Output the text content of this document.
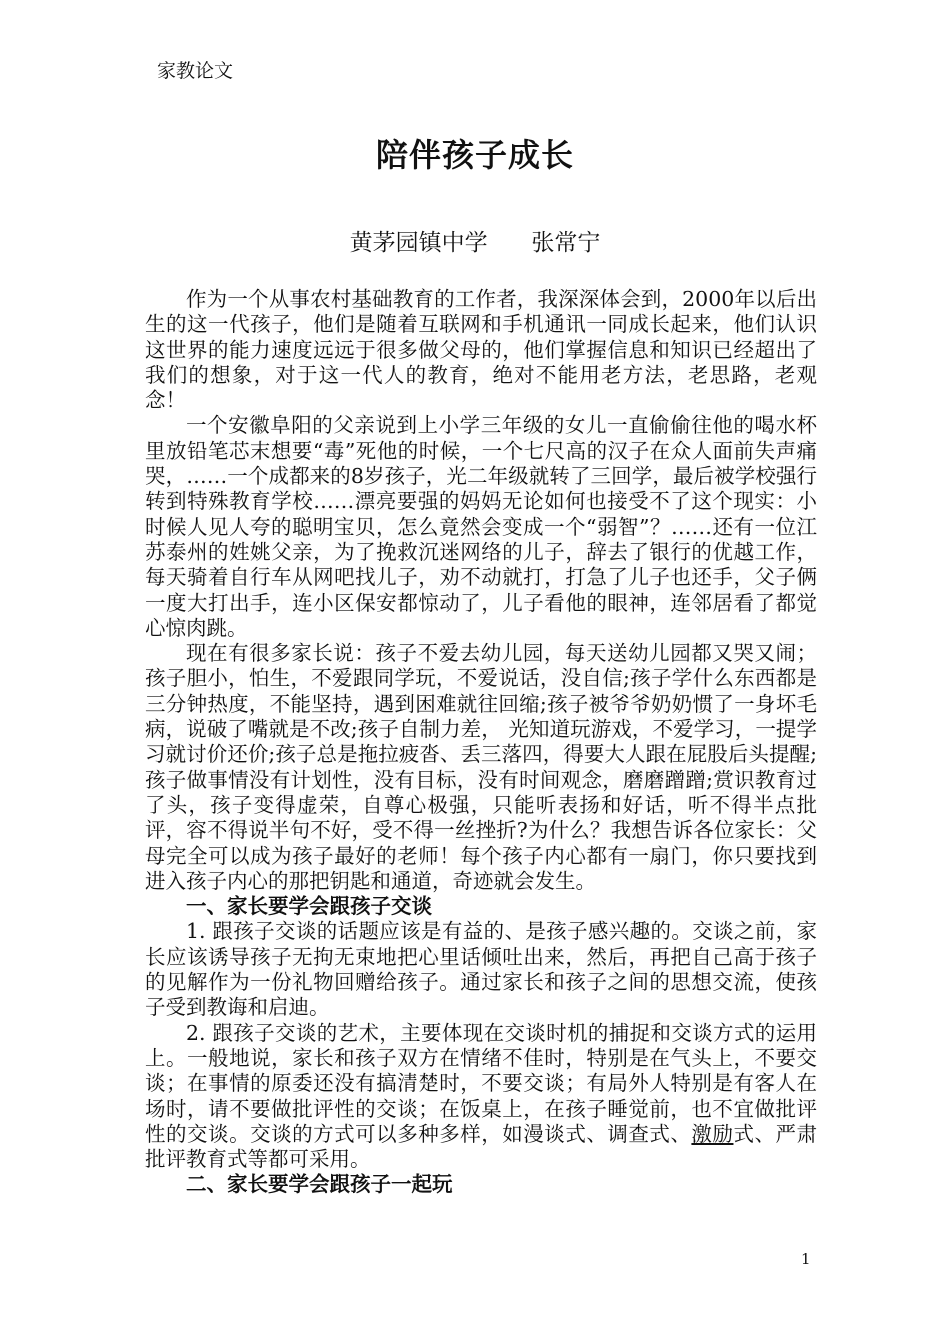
家教论文
陪伴孩子成长
黄茅园镇中学      张常宁

作为一个从事农村基础教育的工作者，我深深体会到，2000年以后出生的这一代孩子，他们是随着互联网和手机通讯一同成长起来，他们认识这世界的能力速度远远于很多做父母的，他们掌握信息和知识已经超出了我们的想象，对于这一代人的教育，绝对不能用老方法，老思路，老观念！

一个安徽阜阳的父亲说到上小学三年级的女儿一直偷偷往他的喝水杯里放铅笔芯末想要“毒”死他的时候，一个七尺高的汉子在众人面前失声痛哭，……一个成都来的8岁孩子，光二年级就转了三回学，最后被学校强行转到特殊教育学校……漂亮要强的妈妈无论如何也接受不了这个现实：小时候人见人夸的聪明宝贝，怎么竟然会变成一个“弱智”？……还有一位江苏泰州的姓姚父亲，为了挽救沉迷网络的儿子，辞去了银行的优越工作，每天骑着自行车从网吧找儿子，劝不动就打，打急了儿子也还手，父子俩一度大打出手，连小区保安都惊动了，儿子看他的眼神，连邻居看了都觉心惊肉跳。

现在有很多家长说：孩子不爱去幼儿园，每天送幼儿园都又哭又闹；孩子胆小，怕生，不爱跟同学玩，不爱说话，没自信;孩子学什么东西都是三分钟热度，不能坚持，遇到困难就往回缩;孩子被爷爷奶奶惯了一身坏毛病，说破了嘴就是不改;孩子自制力差， 光知道玩游戏，不爱学习，一提学习就讨价还价;孩子总是拖拉疲沓、丢三落四，得要大人跟在屁股后头提醒;孩子做事情没有计划性，没有目标，没有时间观念，磨磨蹭蹭;赏识教育过了头，孩子变得虚荣，自尊心极强，只能听表扬和好话，听不得半点批评，容不得说半句不好，受不得一丝挫折?为什么？我想告诉各位家长：父母完全可以成为孩子最好的老师！每个孩子内心都有一扇门，你只要找到进入孩子内心的那把钥匙和通道，奇迹就会发生。

一、家长要学会跟孩子交谈

1. 跟孩子交谈的话题应该是有益的、是孩子感兴趣的。交谈之前，家长应该诱导孩子无拘无束地把心里话倾吐出来，然后，再把自己高于孩子的见解作为一份礼物回赠给孩子。通过家长和孩子之间的思想交流，使孩子受到教诲和启迪。

2. 跟孩子交谈的艺术，主要体现在交谈时机的捕捉和交谈方式的运用上。一般地说，家长和孩子双方在情绪不佳时，特别是在气头上，不要交谈；在事情的原委还没有搞清楚时，不要交谈；有局外人特别是有客人在场时，请不要做批评性的交谈；在饭桌上，在孩子睡觉前，也不宜做批评性的交谈。交谈的方式可以多种多样，如漫谈式、调查式、激励式、严肃批评教育式等都可采用。

二、家长要学会跟孩子一起玩
1
